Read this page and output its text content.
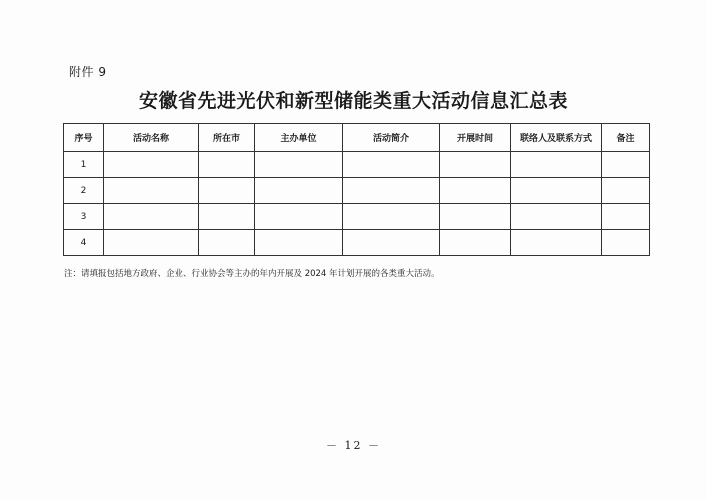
附件 9
安徽省先进光伏和新型储能类重大活动信息汇总表
序号	活动名称	所在市	主办单位	活动简介	开展时间	联络人及联系方式	备注
1							
2							
3							
4							
注：请填报包括地方政府、企业、行业协会等主办的年内开展及 2024 年计划开展的各类重大活动。
－ 12 －
